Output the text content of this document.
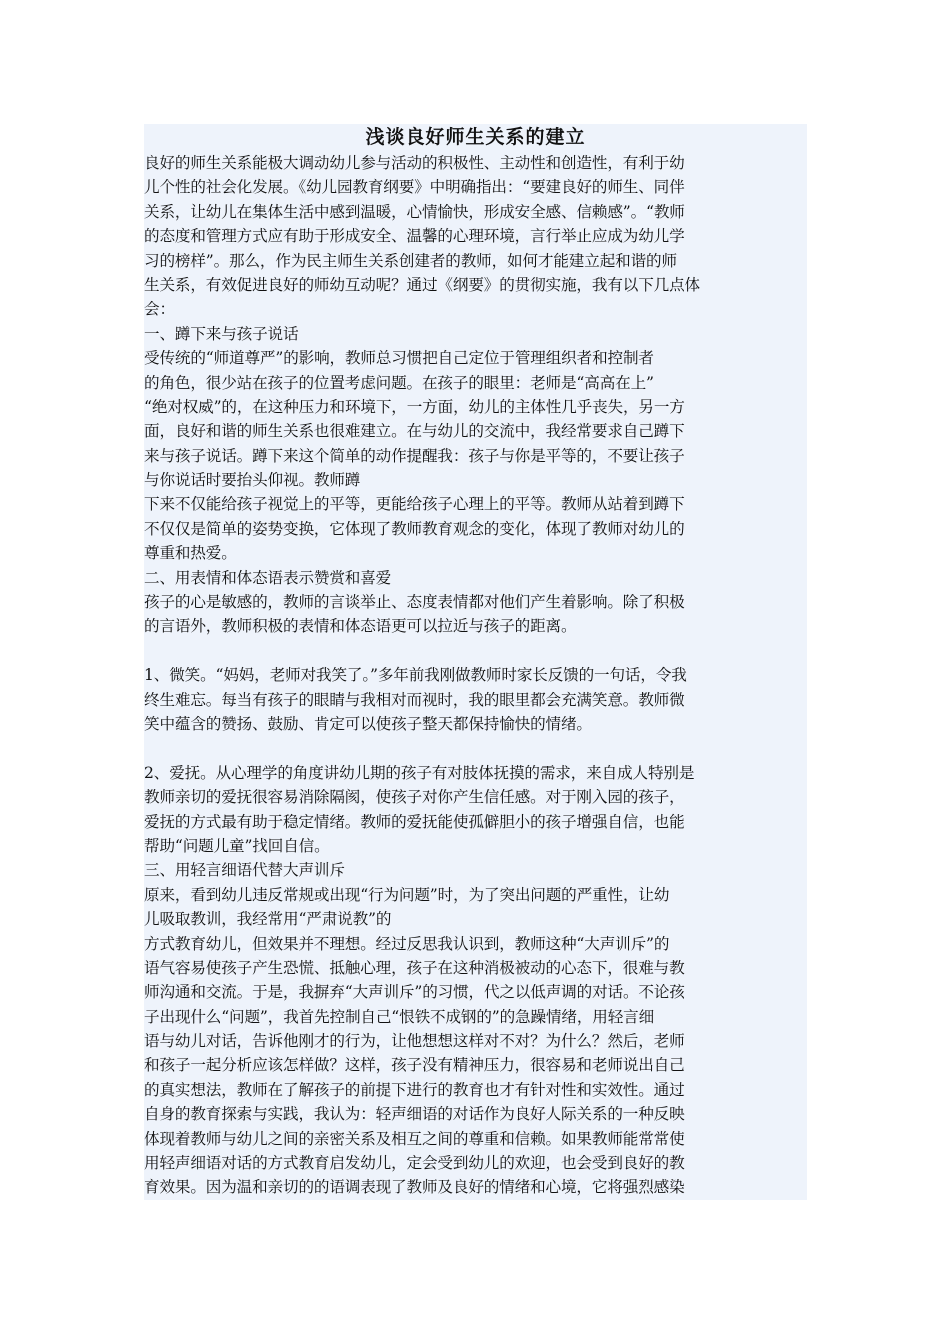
浅谈良好师生关系的建立
良好的师生关系能极大调动幼儿参与活动的积极性、主动性和创造性，有利于幼
儿个性的社会化发展。《幼儿园教育纲要》中明确指出：“要建良好的师生、同伴
关系，让幼儿在集体生活中感到温暖，心情愉快，形成安全感、信赖感”。“教师
的态度和管理方式应有助于形成安全、温馨的心理环境，言行举止应成为幼儿学
习的榜样”。那么，作为民主师生关系创建者的教师，如何才能建立起和谐的师
生关系，有效促进良好的师幼互动呢？通过《纲要》的贯彻实施，我有以下几点体
会：
一、蹲下来与孩子说话
受传统的“师道尊严”的影响，教师总习惯把自己定位于管理组织者和控制者
的角色，很少站在孩子的位置考虑问题。在孩子的眼里：老师是“高高在上”
“绝对权威”的，在这种压力和环境下，一方面，幼儿的主体性几乎丧失，另一方
面，良好和谐的师生关系也很难建立。在与幼儿的交流中，我经常要求自己蹲下
来与孩子说话。蹲下来这个简单的动作提醒我：孩子与你是平等的，不要让孩子
与你说话时要抬头仰视。教师蹲
下来不仅能给孩子视觉上的平等，更能给孩子心理上的平等。教师从站着到蹲下
不仅仅是简单的姿势变换，它体现了教师教育观念的变化，体现了教师对幼儿的
尊重和热爱。
二、用表情和体态语表示赞赏和喜爱
孩子的心是敏感的，教师的言谈举止、态度表情都对他们产生着影响。除了积极
的言语外，教师积极的表情和体态语更可以拉近与孩子的距离。
1、微笑。“妈妈，老师对我笑了。”多年前我刚做教师时家长反馈的一句话，令我
终生难忘。每当有孩子的眼睛与我相对而视时，我的眼里都会充满笑意。教师微
笑中蕴含的赞扬、鼓励、肯定可以使孩子整天都保持愉快的情绪。
2、爱抚。从心理学的角度讲幼儿期的孩子有对肢体抚摸的需求，来自成人特别是
教师亲切的爱抚很容易消除隔阂，使孩子对你产生信任感。对于刚入园的孩子，
爱抚的方式最有助于稳定情绪。教师的爱抚能使孤僻胆小的孩子增强自信，也能
帮助“问题儿童”找回自信。
三、用轻言细语代替大声训斥
原来，看到幼儿违反常规或出现“行为问题”时，为了突出问题的严重性，让幼
儿吸取教训，我经常用“严肃说教”的
方式教育幼儿，但效果并不理想。经过反思我认识到，教师这种“大声训斥”的
语气容易使孩子产生恐慌、抵触心理，孩子在这种消极被动的心态下，很难与教
师沟通和交流。于是，我摒弃“大声训斥”的习惯，代之以低声调的对话。不论孩
子出现什么“问题”，我首先控制自己“恨铁不成钢的”的急躁情绪，用轻言细
语与幼儿对话，告诉他刚才的行为，让他想想这样对不对？为什么？然后，老师
和孩子一起分析应该怎样做？这样，孩子没有精神压力，很容易和老师说出自己
的真实想法，教师在了解孩子的前提下进行的教育也才有针对性和实效性。通过
自身的教育探索与实践，我认为：轻声细语的对话作为良好人际关系的一种反映
体现着教师与幼儿之间的亲密关系及相互之间的尊重和信赖。如果教师能常常使
用轻声细语对话的方式教育启发幼儿，定会受到幼儿的欢迎，也会受到良好的教
育效果。因为温和亲切的的语调表现了教师及良好的情绪和心境，它将强烈感染
